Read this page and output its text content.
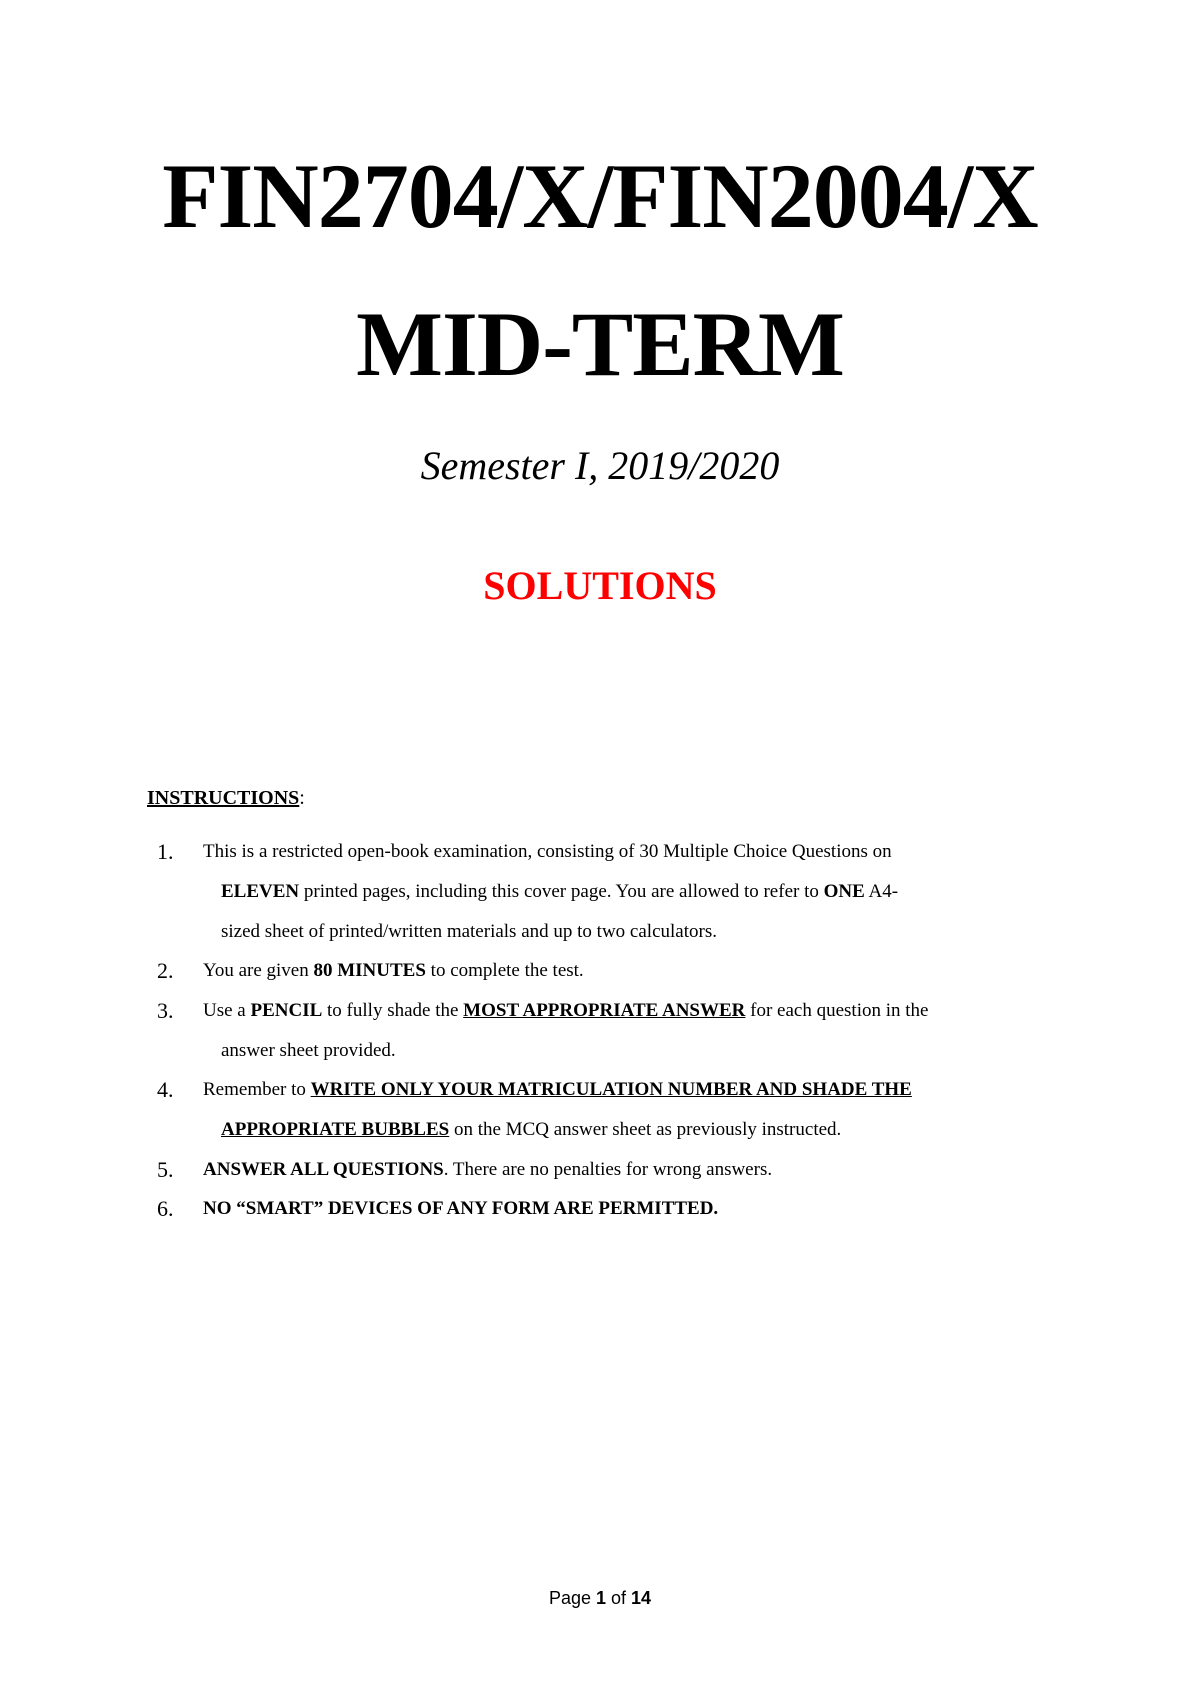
FIN2704/X/FIN2004/X
MID-TERM
Semester I, 2019/2020
SOLUTIONS
INSTRUCTIONS:
1. This is a restricted open-book examination, consisting of 30 Multiple Choice Questions on
ELEVEN printed pages, including this cover page. You are allowed to refer to ONE A4-
sized sheet of printed/written materials and up to two calculators.
2. You are given 80 MINUTES to complete the test.
3. Use a PENCIL to fully shade the MOST APPROPRIATE ANSWER for each question in the
answer sheet provided.
4. Remember to WRITE ONLY YOUR MATRICULATION NUMBER AND SHADE THE
APPROPRIATE BUBBLES on the MCQ answer sheet as previously instructed.
5. ANSWER ALL QUESTIONS. There are no penalties for wrong answers.
6. NO “SMART” DEVICES OF ANY FORM ARE PERMITTED.
Page 1 of 14
